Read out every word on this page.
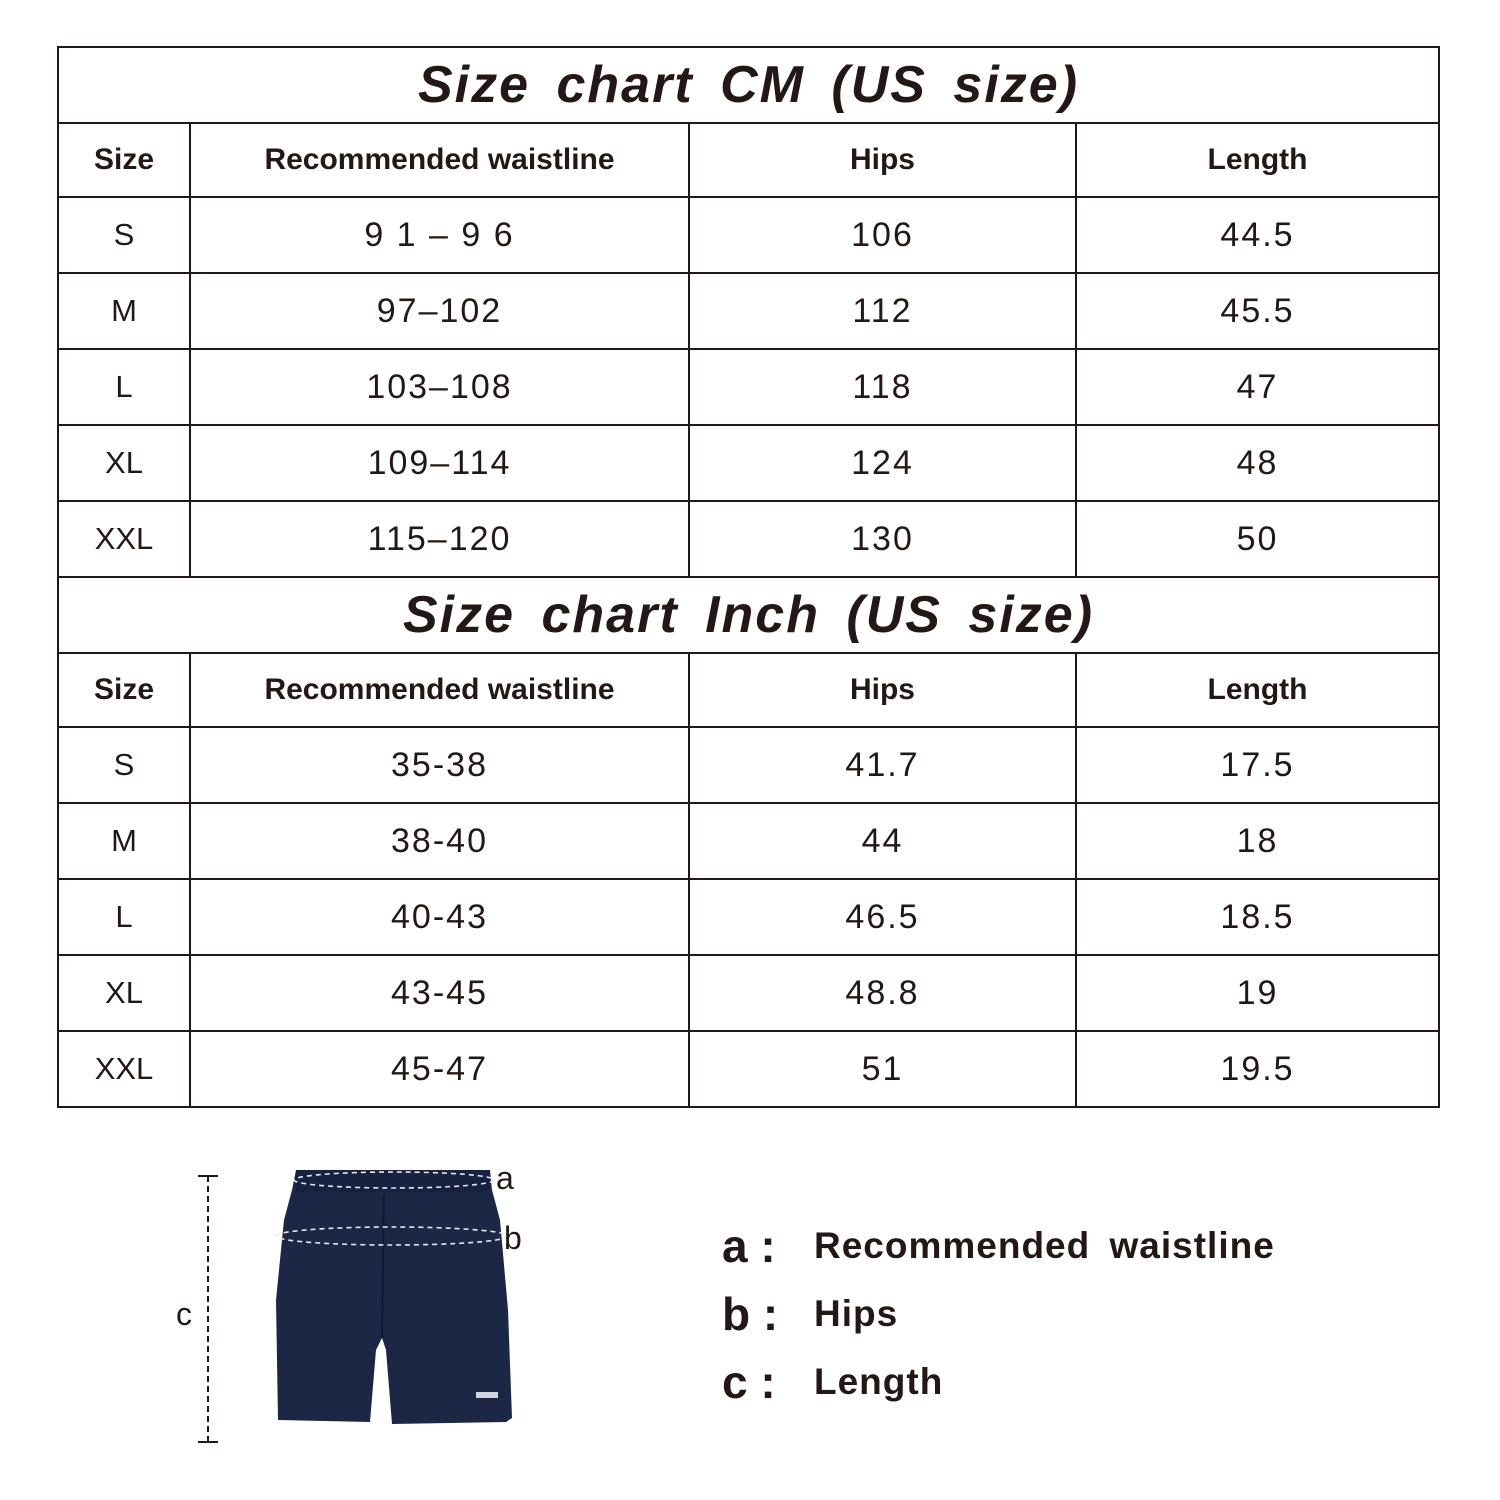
Size chart CM (US size)			
Size	Recommended waistline	Hips	Length
S	9 1 – 9 6	106	44.5
M	97–102	112	45.5
L	103–108	118	47
XL	109–114	124	48
XXL	115–120	130	50
Size chart Inch (US size)			
Size	Recommended waistline	Hips	Length
S	35-38	41.7	17.5
M	38-40	44	18
L	40-43	46.5	18.5
XL	43-45	48.8	19
XXL	45-47	51	19.5
a
b
c
a :	Recommended waistline
b : Hips
c :	Length
